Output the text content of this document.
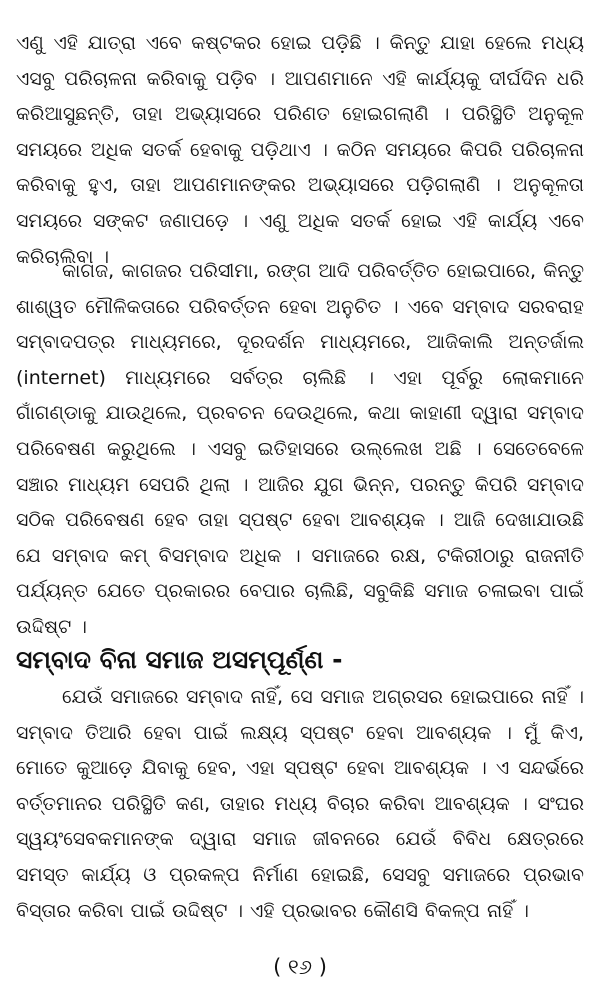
ଏଣୁ ଏହି ଯାତ୍ରା ଏବେ କଷ୍ଟକର ହୋଇ ପଡ଼ିଛି । କିନ୍ତୁ ଯାହା ହେଲେ ମଧ୍ୟ ଏସବୁ ପରିଚାଳନା କରିବାକୁ ପଡ଼ିବ । ଆପଣମାନେ ଏହି କାର୍ଯ୍ୟକୁ ଦୀର୍ଘଦିନ ଧରି କରିଆସୁଛନ୍ତି, ତାହା ଅଭ୍ୟାସରେ ପରିଣତ ହୋଇଗଲାଣି । ପରିସ୍ଥିତି ଅନୁକୂଳ ସମୟରେ ଅଧିକ ସତର୍କ ହେବାକୁ ପଡ଼ିଥାଏ । କଠିନ ସମୟରେ କିପରି ପରିଚାଳନା କରିବାକୁ ହୁଏ, ତାହା ଆପଣମାନଙ୍କର ଅଭ୍ୟାସରେ ପଡ଼ିଗଲାଣି । ଅନୁକୂଳତା ସମୟରେ ସଙ୍କଟ ଜଣାପଡ଼େ । ଏଣୁ ଅଧିକ ସତର୍କ ହୋଇ ଏହି କାର୍ଯ୍ୟ ଏବେ କରିଚାଲିବା ।

କାଗଜ, କାଗଜର ପରିସୀମା, ରଙ୍ଗ ଆଦି ପରିବର୍ତ୍ତିତ ହୋଇପାରେ, କିନ୍ତୁ ଶାଶ୍ୱତ ମୌଳିକତାରେ ପରିବର୍ତ୍ତନ ହେବା ଅନୁଚିତ । ଏବେ ସମ୍ବାଦ ସରବରାହ ସମ୍ବାଦପତ୍ର ମାଧ୍ୟମରେ, ଦୂରଦର୍ଶନ ମାଧ୍ୟମରେ, ଆଜିକାଲି ଅନ୍ତର୍ଜାଲ (internet) ମାଧ୍ୟମରେ ସର୍ବତ୍ର ଚାଲିଛି । ଏହା ପୂର୍ବରୁ ଲୋକମାନେ ଗାଁଗଣ୍ଡାକୁ ଯାଉଥିଲେ, ପ୍ରବଚନ ଦେଉଥିଲେ, କଥା କାହାଣୀ ଦ୍ୱାରା ସମ୍ବାଦ ପରିବେଷଣ କରୁଥିଲେ । ଏସବୁ ଇତିହାସରେ ଉଲ୍ଲେଖ ଅଛି । ସେତେବେଳେ ସଞ୍ଚାର ମାଧ୍ୟମ ସେପରି ଥିଲା । ଆଜିର ଯୁଗ ଭିନ୍ନ, ପରନ୍ତୁ କିପରି ସମ୍ବାଦ ସଠିକ ପରିବେଷଣ ହେବ ତାହା ସ୍ପଷ୍ଟ ହେବା ଆବଶ୍ୟକ । ଆଜି ଦେଖାଯାଉଛି ଯେ ସମ୍ବାଦ କମ୍ ବିସମ୍ବାଦ ଅଧିକ । ସମାଜରେ ରକ୍ଷ, ଟକିରୀଠାରୁ ରାଜନୀତି ପର୍ଯ୍ୟନ୍ତ ଯେତେ ପ୍ରକାରର ବେପାର ଚାଲିଛି, ସବୁକିଛି ସମାଜ ଚଳାଇବା ପାଇଁ ଉଦ୍ଦିଷ୍ଟ ।

ସମ୍ବାଦ ବିନା ସମାଜ ଅସମ୍ପୂର୍ଣ୍ଣ -

ଯେଉଁ ସମାଜରେ ସମ୍ବାଦ ନାହିଁ, ସେ ସମାଜ ଅଗ୍ରସର ହୋଇପାରେ ନାହିଁ । ସମ୍ବାଦ ତିଆରି ହେବା ପାଇଁ ଲକ୍ଷ୍ୟ ସ୍ପଷ୍ଟ ହେବା ଆବଶ୍ୟକ । ମୁଁ କିଏ, ମୋତେ କୁଆଡ଼େ ଯିବାକୁ ହେବ, ଏହା ସ୍ପଷ୍ଟ ହେବା ଆବଶ୍ୟକ । ଏ ସନ୍ଦର୍ଭରେ ବର୍ତ୍ତମାନର ପରିସ୍ଥିତି କଣ, ତାହାର ମଧ୍ୟ ବିଚାର କରିବା ଆବଶ୍ୟକ । ସଂଘର ସ୍ୱୟଂସେବକମାନଙ୍କ ଦ୍ୱାରା ସମାଜ ଜୀବନରେ ଯେଉଁ ବିବିଧ କ୍ଷେତ୍ରରେ ସମସ୍ତ କାର୍ଯ୍ୟ ଓ ପ୍ରକଳ୍ପ ନିର୍ମାଣ ହୋଇଛି, ସେସବୁ ସମାଜରେ ପ୍ରଭାବ ବିସ୍ତାର କରିବା ପାଇଁ ଉଦ୍ଦିଷ୍ଟ । ଏହି ପ୍ରଭାବର କୌଣସି ବିକଳ୍ପ ନାହିଁ ।

( ୧୬ )
